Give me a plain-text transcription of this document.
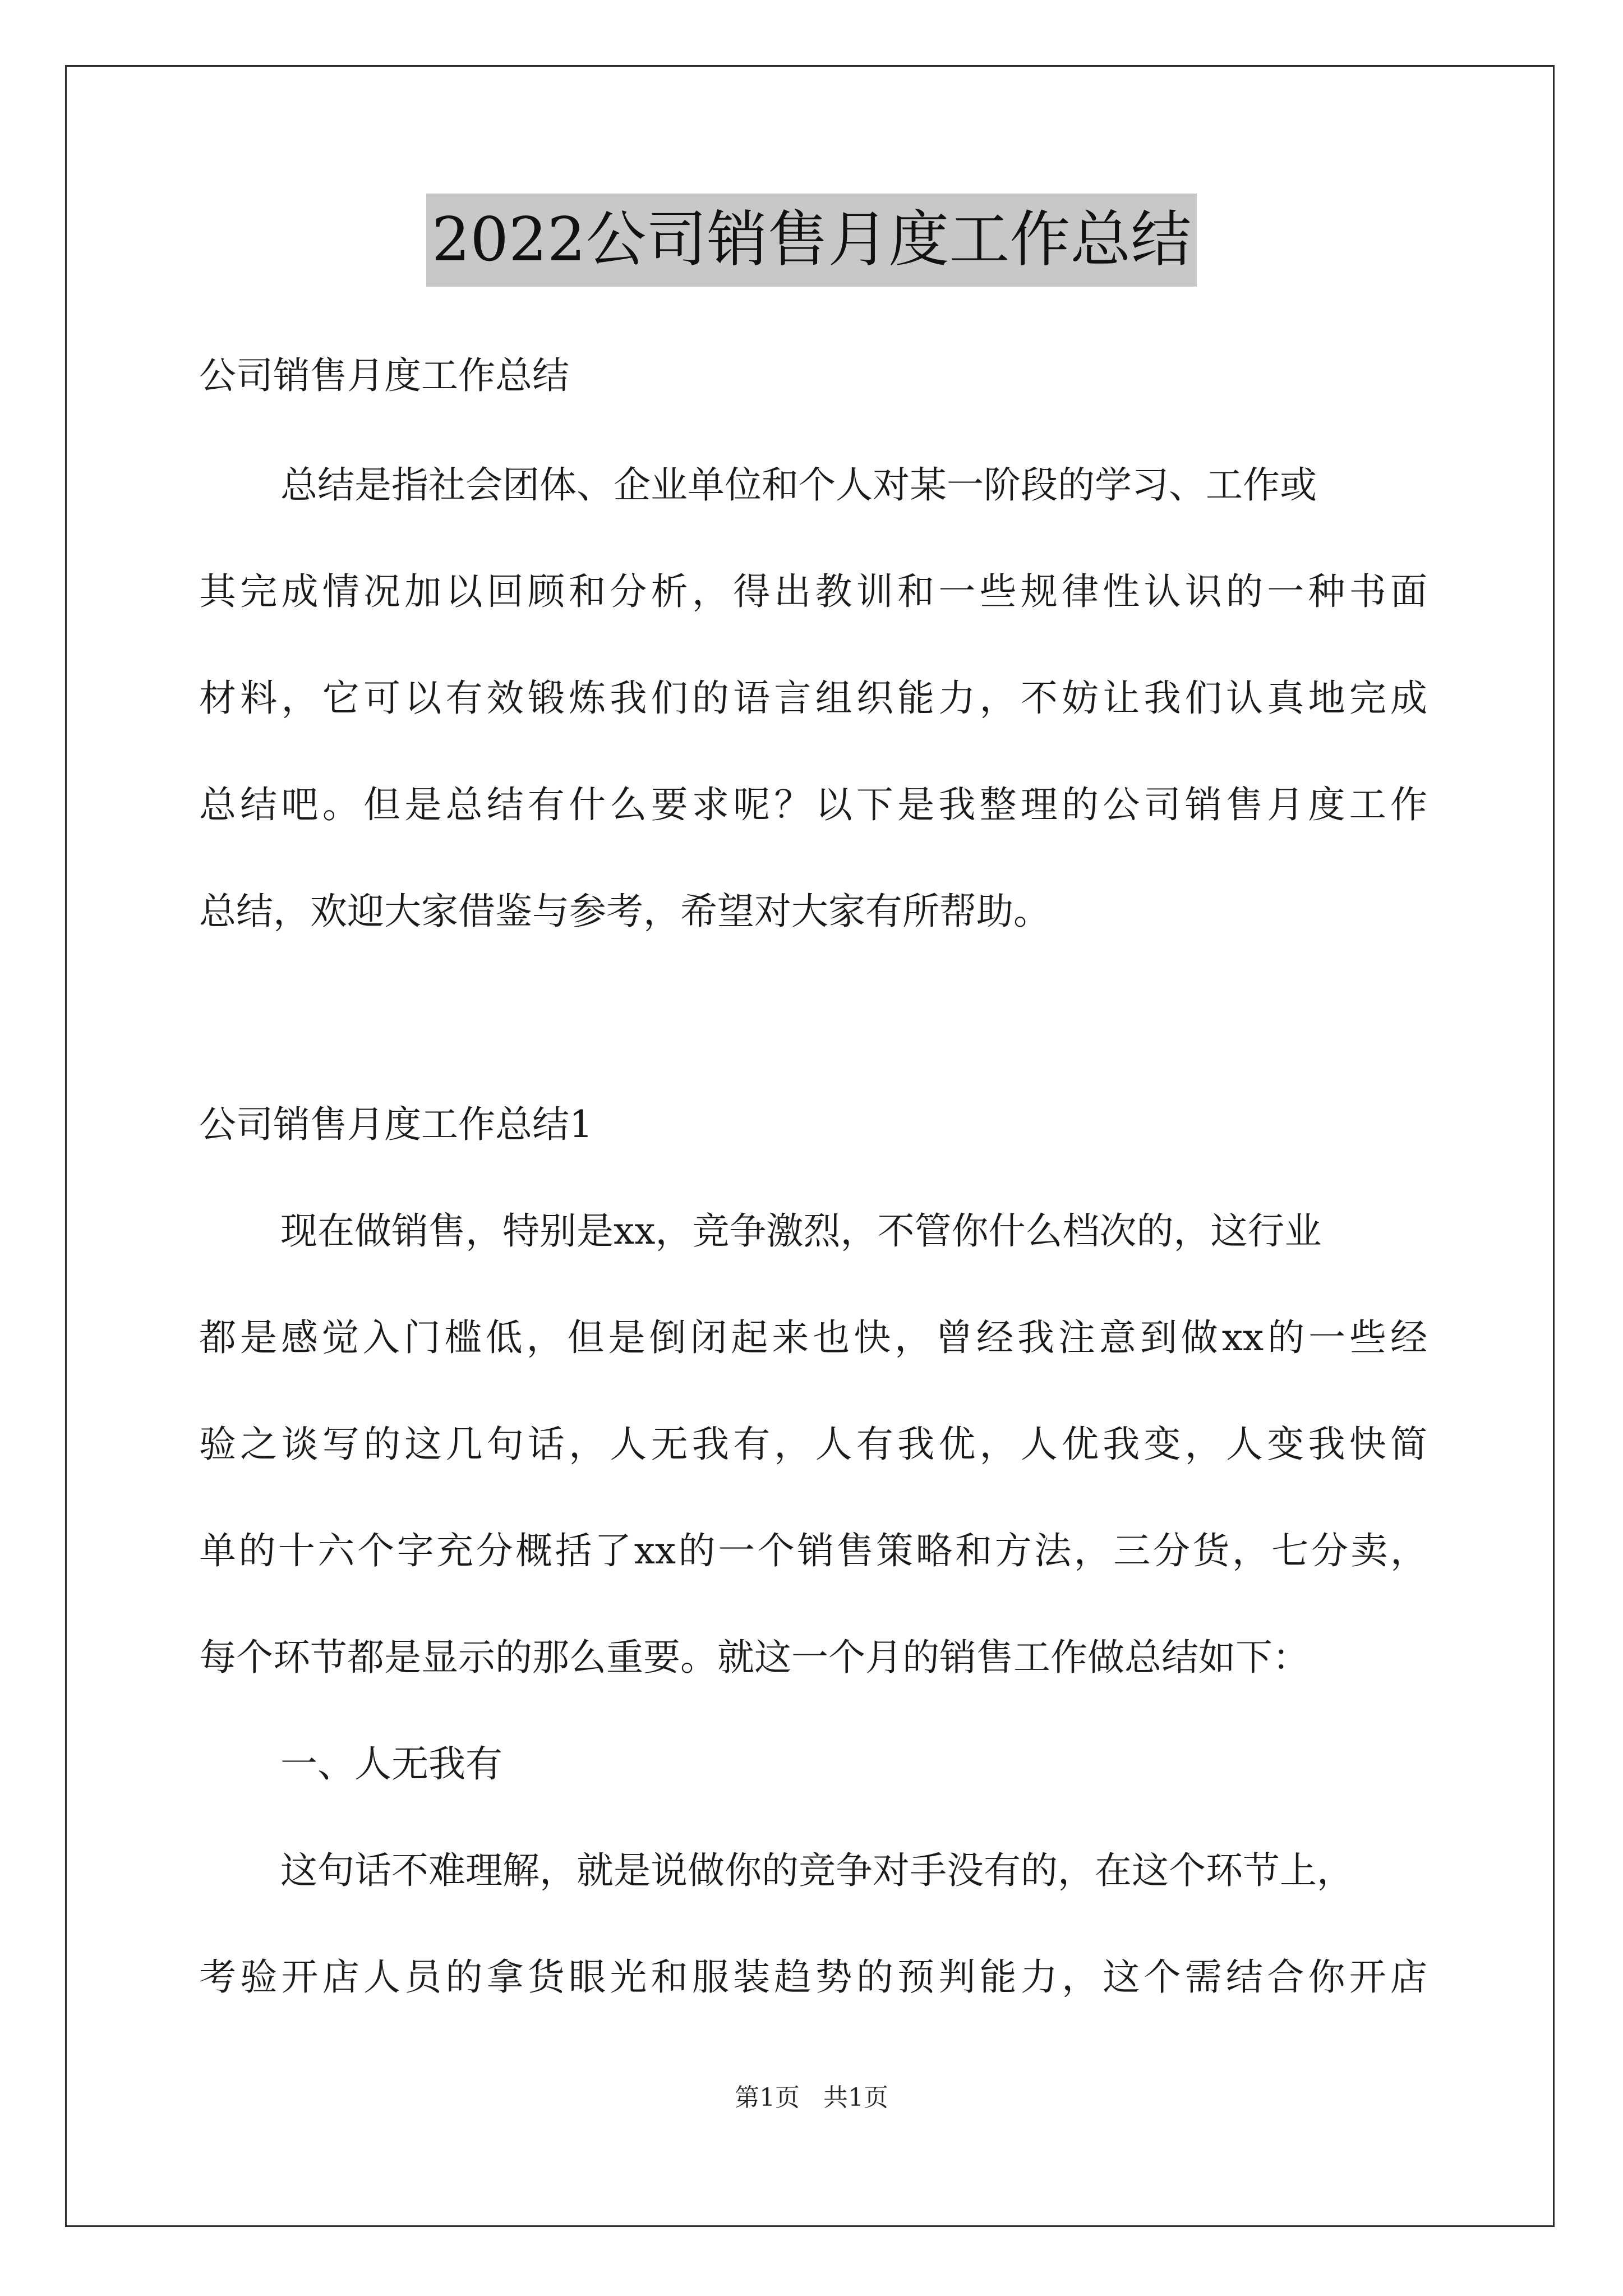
2022公司销售月度工作总结
公司销售月度工作总结
总结是指社会团体、企业单位和个人对某一阶段的学习、工作或
其完成情况加以回顾和分析，得出教训和一些规律性认识的一种书面
材料，它可以有效锻炼我们的语言组织能力，不妨让我们认真地完成
总结吧。但是总结有什么要求呢？以下是我整理的公司销售月度工作
总结，欢迎大家借鉴与参考，希望对大家有所帮助。
公司销售月度工作总结1
现在做销售，特别是xx，竞争激烈，不管你什么档次的，这行业
都是感觉入门槛低，但是倒闭起来也快，曾经我注意到做xx的一些经
验之谈写的这几句话，人无我有，人有我优，人优我变，人变我快简
单的十六个字充分概括了xx的一个销售策略和方法，三分货，七分卖，
每个环节都是显示的那么重要。就这一个月的销售工作做总结如下：
一、人无我有
这句话不难理解，就是说做你的竞争对手没有的，在这个环节上，
考验开店人员的拿货眼光和服装趋势的预判能力，这个需结合你开店
第1页   共1页
